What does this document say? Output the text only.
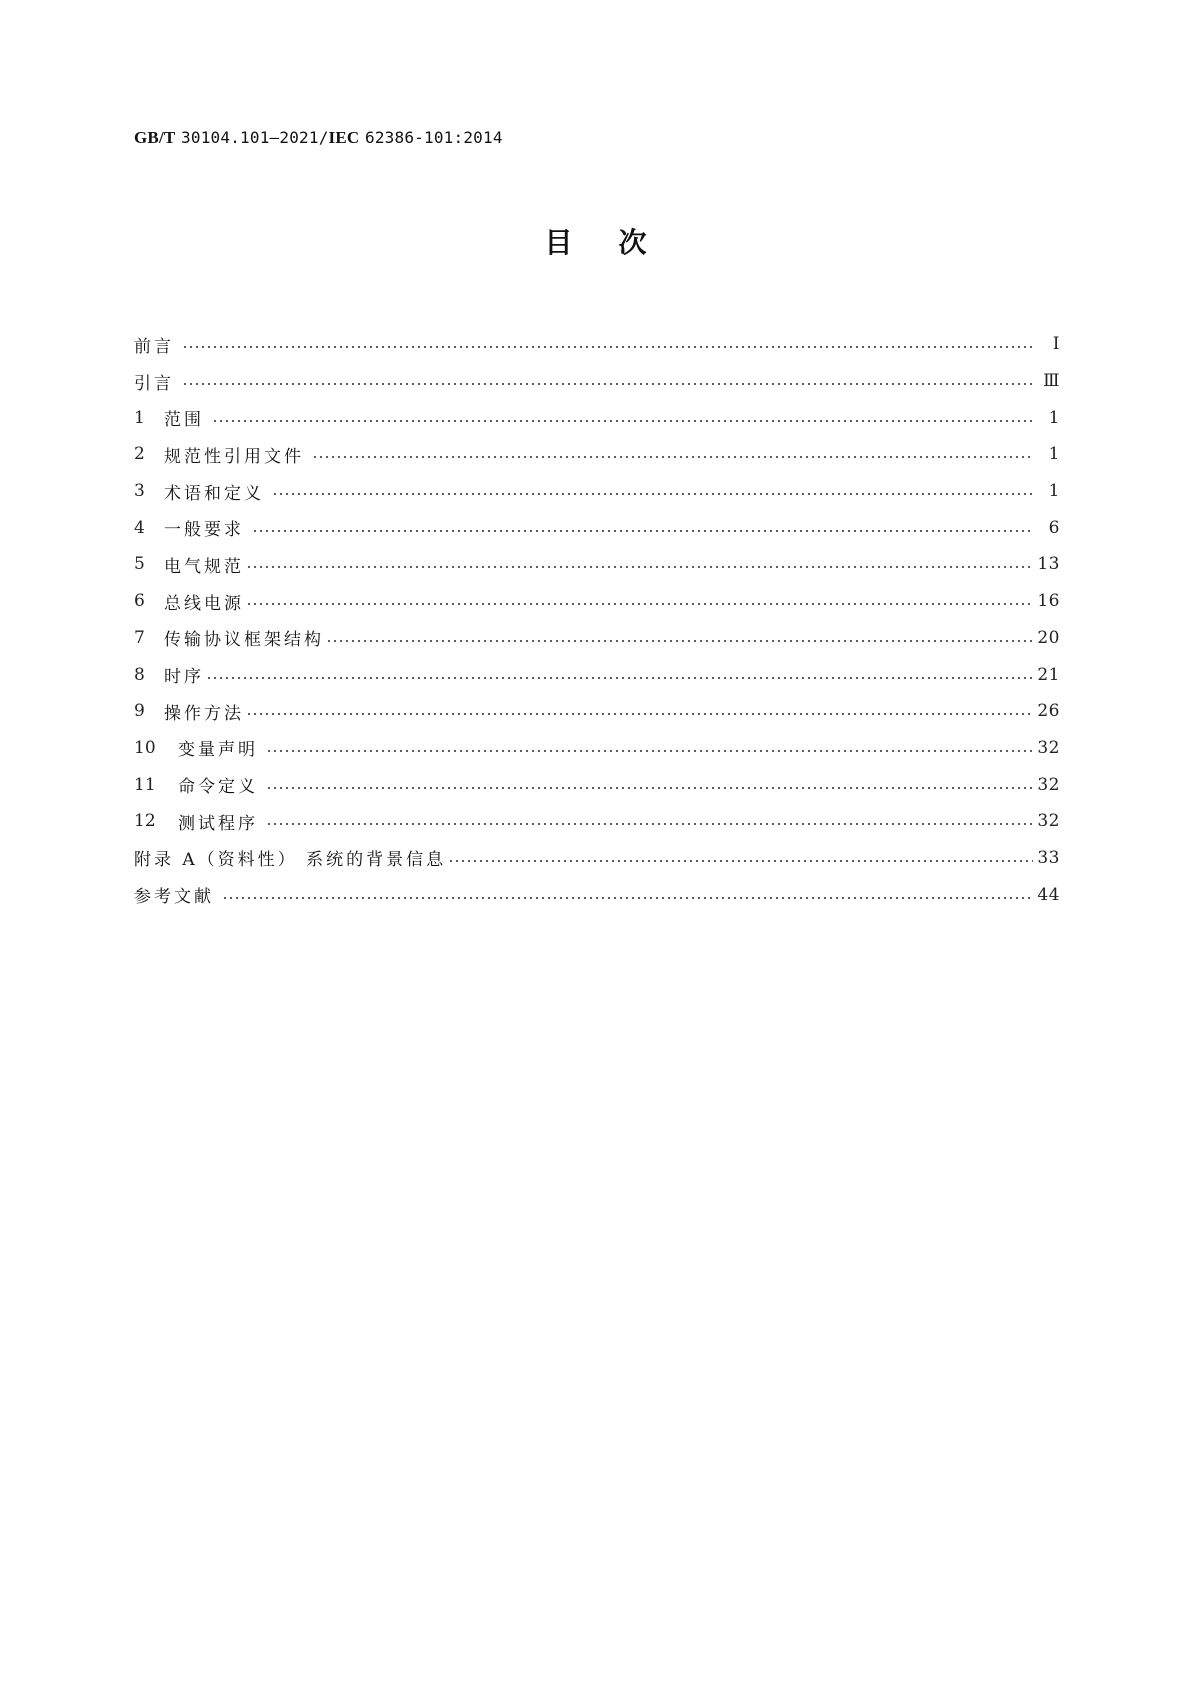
GB/T 30104.101—2021/IEC 62386-101:2014
目次
前言	Ⅰ
引言	Ⅲ
1	范围	1
2	规范性引用文件	1
3	术语和定义	1
4	一般要求	6
5	电气规范	13
6	总线电源	16
7	传输协议框架结构	20
8	时序	21
9	操作方法	26
10	变量声明	32
11	命令定义	32
12	测试程序	32
附录 A（资料性） 系统的背景信息	33
参考文献	44
